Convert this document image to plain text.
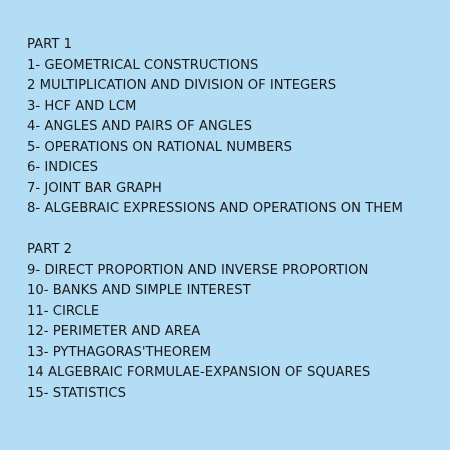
PART 1
1- GEOMETRICAL CONSTRUCTIONS
2 MULTIPLICATION AND DIVISION OF INTEGERS
3- HCF AND LCM
4- ANGLES AND PAIRS OF ANGLES
5- OPERATIONS ON RATIONAL NUMBERS
6- INDICES
7- JOINT BAR GRAPH
8- ALGEBRAIC EXPRESSIONS AND OPERATIONS ON THEM
PART 2
9- DIRECT PROPORTION AND INVERSE PROPORTION
10- BANKS AND SIMPLE INTEREST
11- CIRCLE
12- PERIMETER AND AREA
13- PYTHAGORAS'THEOREM
14 ALGEBRAIC FORMULAE-EXPANSION OF SQUARES
15- STATISTICS
